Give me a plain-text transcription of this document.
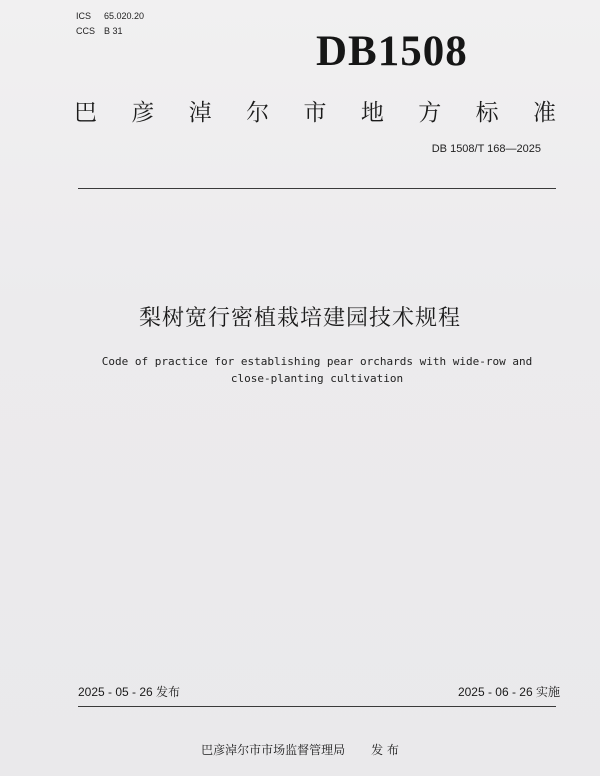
ICS 65.020.20
CCS B 31	DB1508
巴 彦 淖 尔 市 地 方 标 准
DB 1508/T 168—2025
梨树宽行密植栽培建园技术规程
Code of practice for establishing pear orchards with wide-row and
close-planting cultivation
2025 - 05 - 26 发布	2025 - 06 - 26 实施
巴彦淖尔市市场监督管理局 发 布
